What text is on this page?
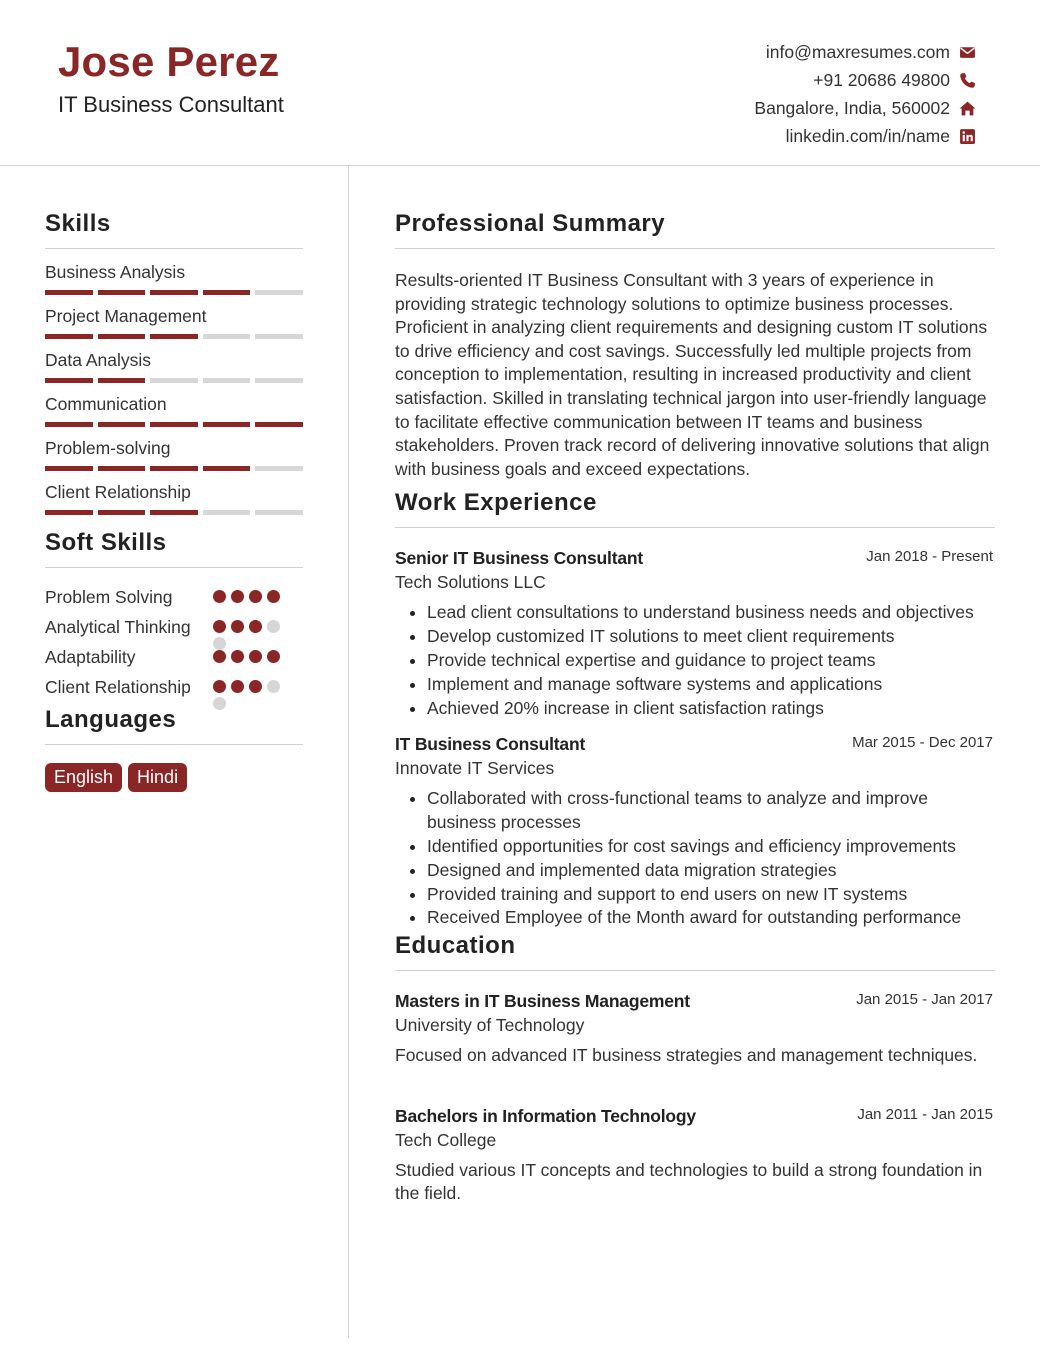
Jose Perez
IT Business Consultant
info@maxresumes.com
+91 20686 49800
Bangalore, India, 560002
linkedin.com/in/name
Skills
Business Analysis
Project Management
Data Analysis
Communication
Problem-solving
Client Relationship
Soft Skills
Problem Solving
Analytical Thinking
Adaptability
Client Relationship
Languages
English	Hindi
Professional Summary
Results-oriented IT Business Consultant with 3 years of experience in providing strategic technology solutions to optimize business processes. Proficient in analyzing client requirements and designing custom IT solutions to drive efficiency and cost savings. Successfully led multiple projects from conception to implementation, resulting in increased productivity and client satisfaction. Skilled in translating technical jargon into user-friendly language to facilitate effective communication between IT teams and business stakeholders. Proven track record of delivering innovative solutions that align with business goals and exceed expectations.
Work Experience
Senior IT Business Consultant	Jan 2018 - Present
Tech Solutions LLC
Lead client consultations to understand business needs and objectives
Develop customized IT solutions to meet client requirements
Provide technical expertise and guidance to project teams
Implement and manage software systems and applications
Achieved 20% increase in client satisfaction ratings
IT Business Consultant	Mar 2015 - Dec 2017
Innovate IT Services
Collaborated with cross-functional teams to analyze and improve business processes
Identified opportunities for cost savings and efficiency improvements
Designed and implemented data migration strategies
Provided training and support to end users on new IT systems
Received Employee of the Month award for outstanding performance
Education
Masters in IT Business Management	Jan 2015 - Jan 2017
University of Technology
Focused on advanced IT business strategies and management techniques.
Bachelors in Information Technology	Jan 2011 - Jan 2015
Tech College
Studied various IT concepts and technologies to build a strong foundation in the field.
